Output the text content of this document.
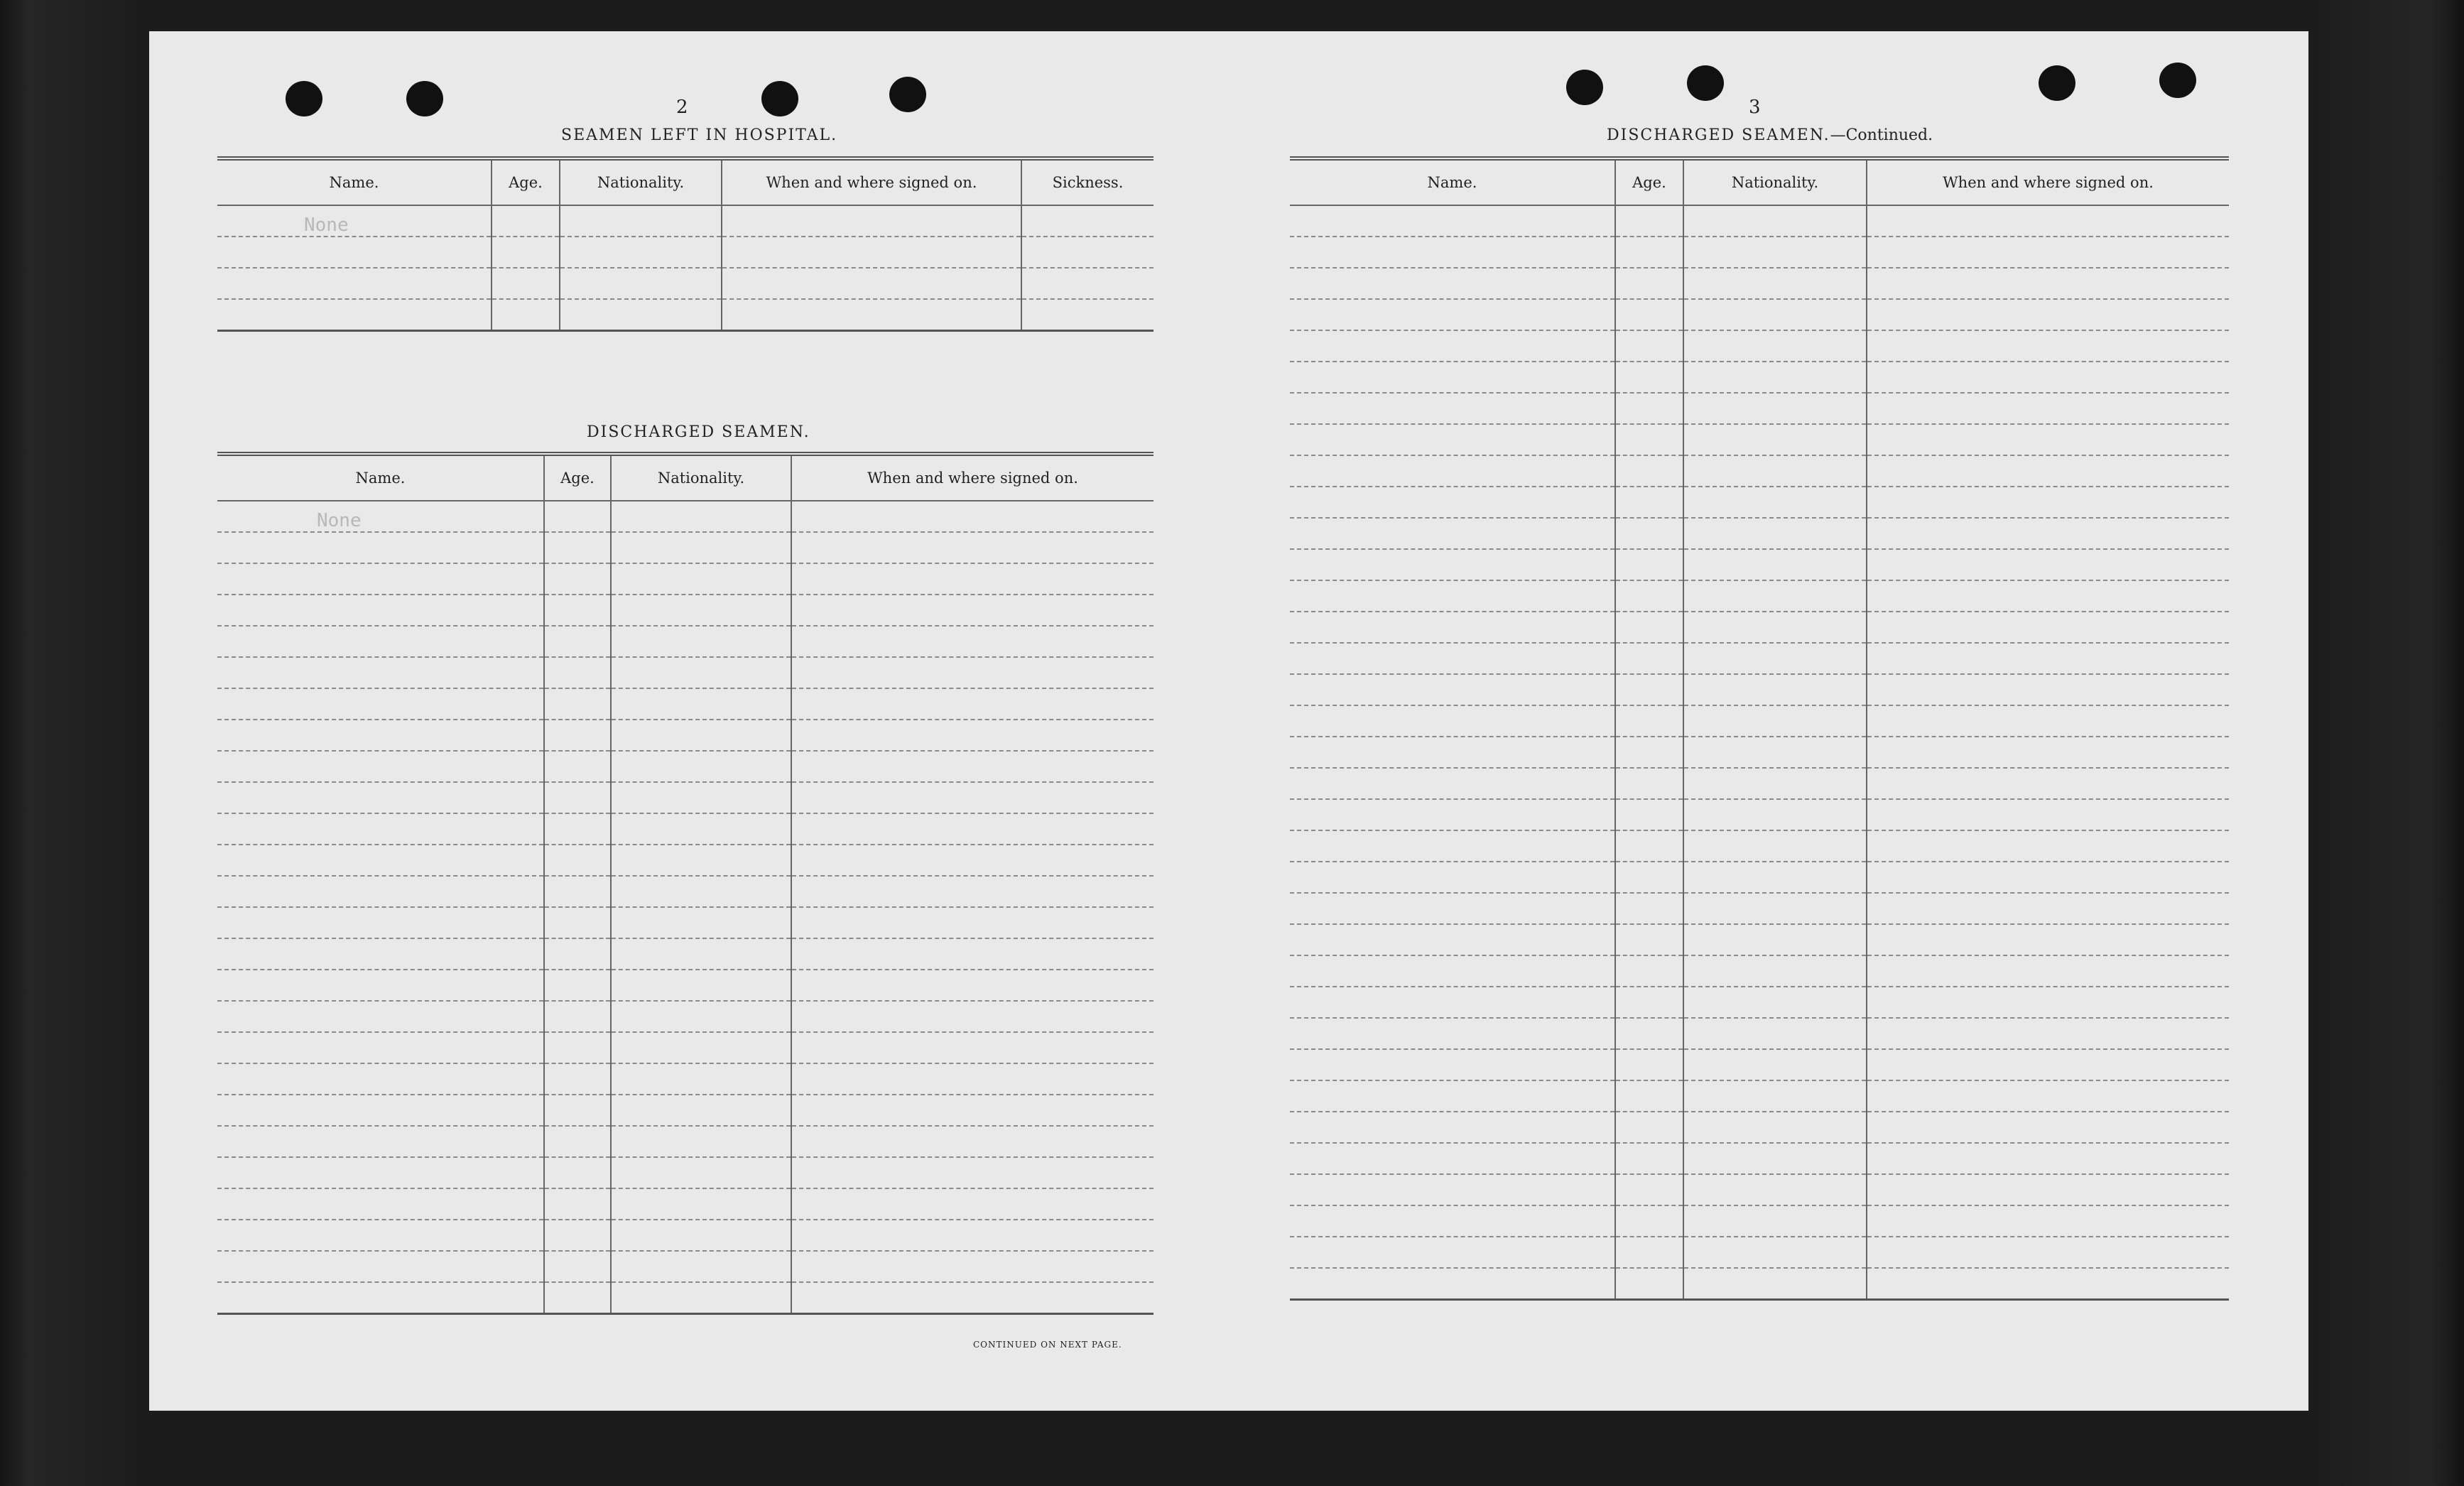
2
SEAMEN LEFT IN HOSPITAL.
Name.	Age.	Nationality.	When and where signed on.	Sickness.
None				

DISCHARGED SEAMEN.
Name.	Age.	Nationality.	When and where signed on.
None			

CONTINUED ON NEXT PAGE.
3
DISCHARGED SEAMEN.—Continued.
Name.	Age.	Nationality.	When and where signed on.
